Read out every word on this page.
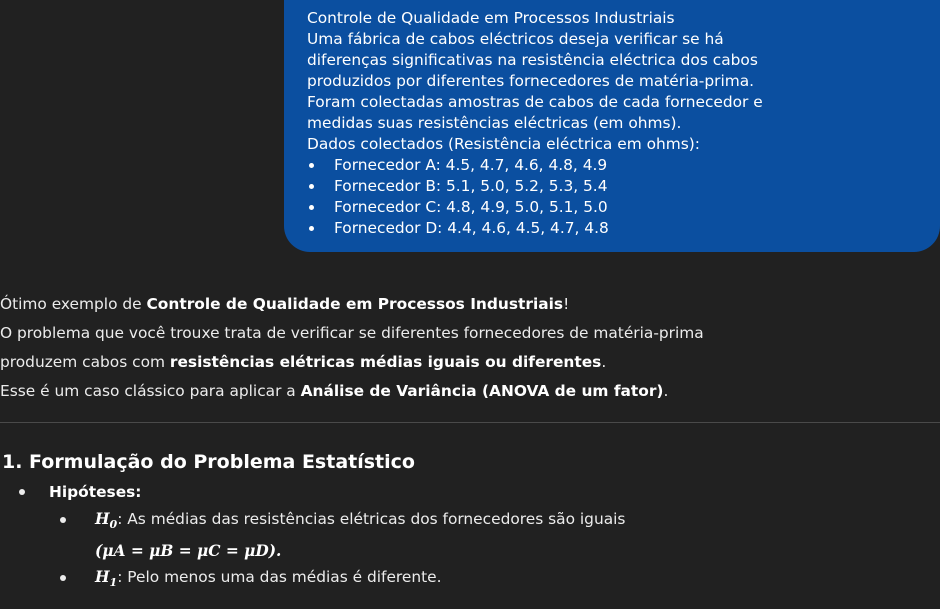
Controle de Qualidade em Processos Industriais

Uma fábrica de cabos eléctricos deseja verificar se há

diferenças significativas na resistência eléctrica dos cabos

produzidos por diferentes fornecedores de matéria-prima.

Foram colectadas amostras de cabos de cada fornecedor e

medidas suas resistências eléctricas (em ohms).

Dados colectados (Resistência eléctrica em ohms):

Fornecedor A: 4.5, 4.7, 4.6, 4.8, 4.9
Fornecedor B: 5.1, 5.0, 5.2, 5.3, 5.4
Fornecedor C: 4.8, 4.9, 5.0, 5.1, 5.0
Fornecedor D: 4.4, 4.6, 4.5, 4.7, 4.8

Ótimo exemplo de Controle de Qualidade em Processos Industriais!

O problema que você trouxe trata de verificar se diferentes fornecedores de matéria-prima

produzem cabos com resistências elétricas médias iguais ou diferentes.

Esse é um caso clássico para aplicar a Análise de Variância (ANOVA de um fator).

1. Formulação do Problema Estatístico
Hipóteses:
$H_0$: As médias das resistências elétricas dos fornecedores são iguais
(μA = μB = μC = μD).
$H_1$: Pelo menos uma das médias é diferente.
